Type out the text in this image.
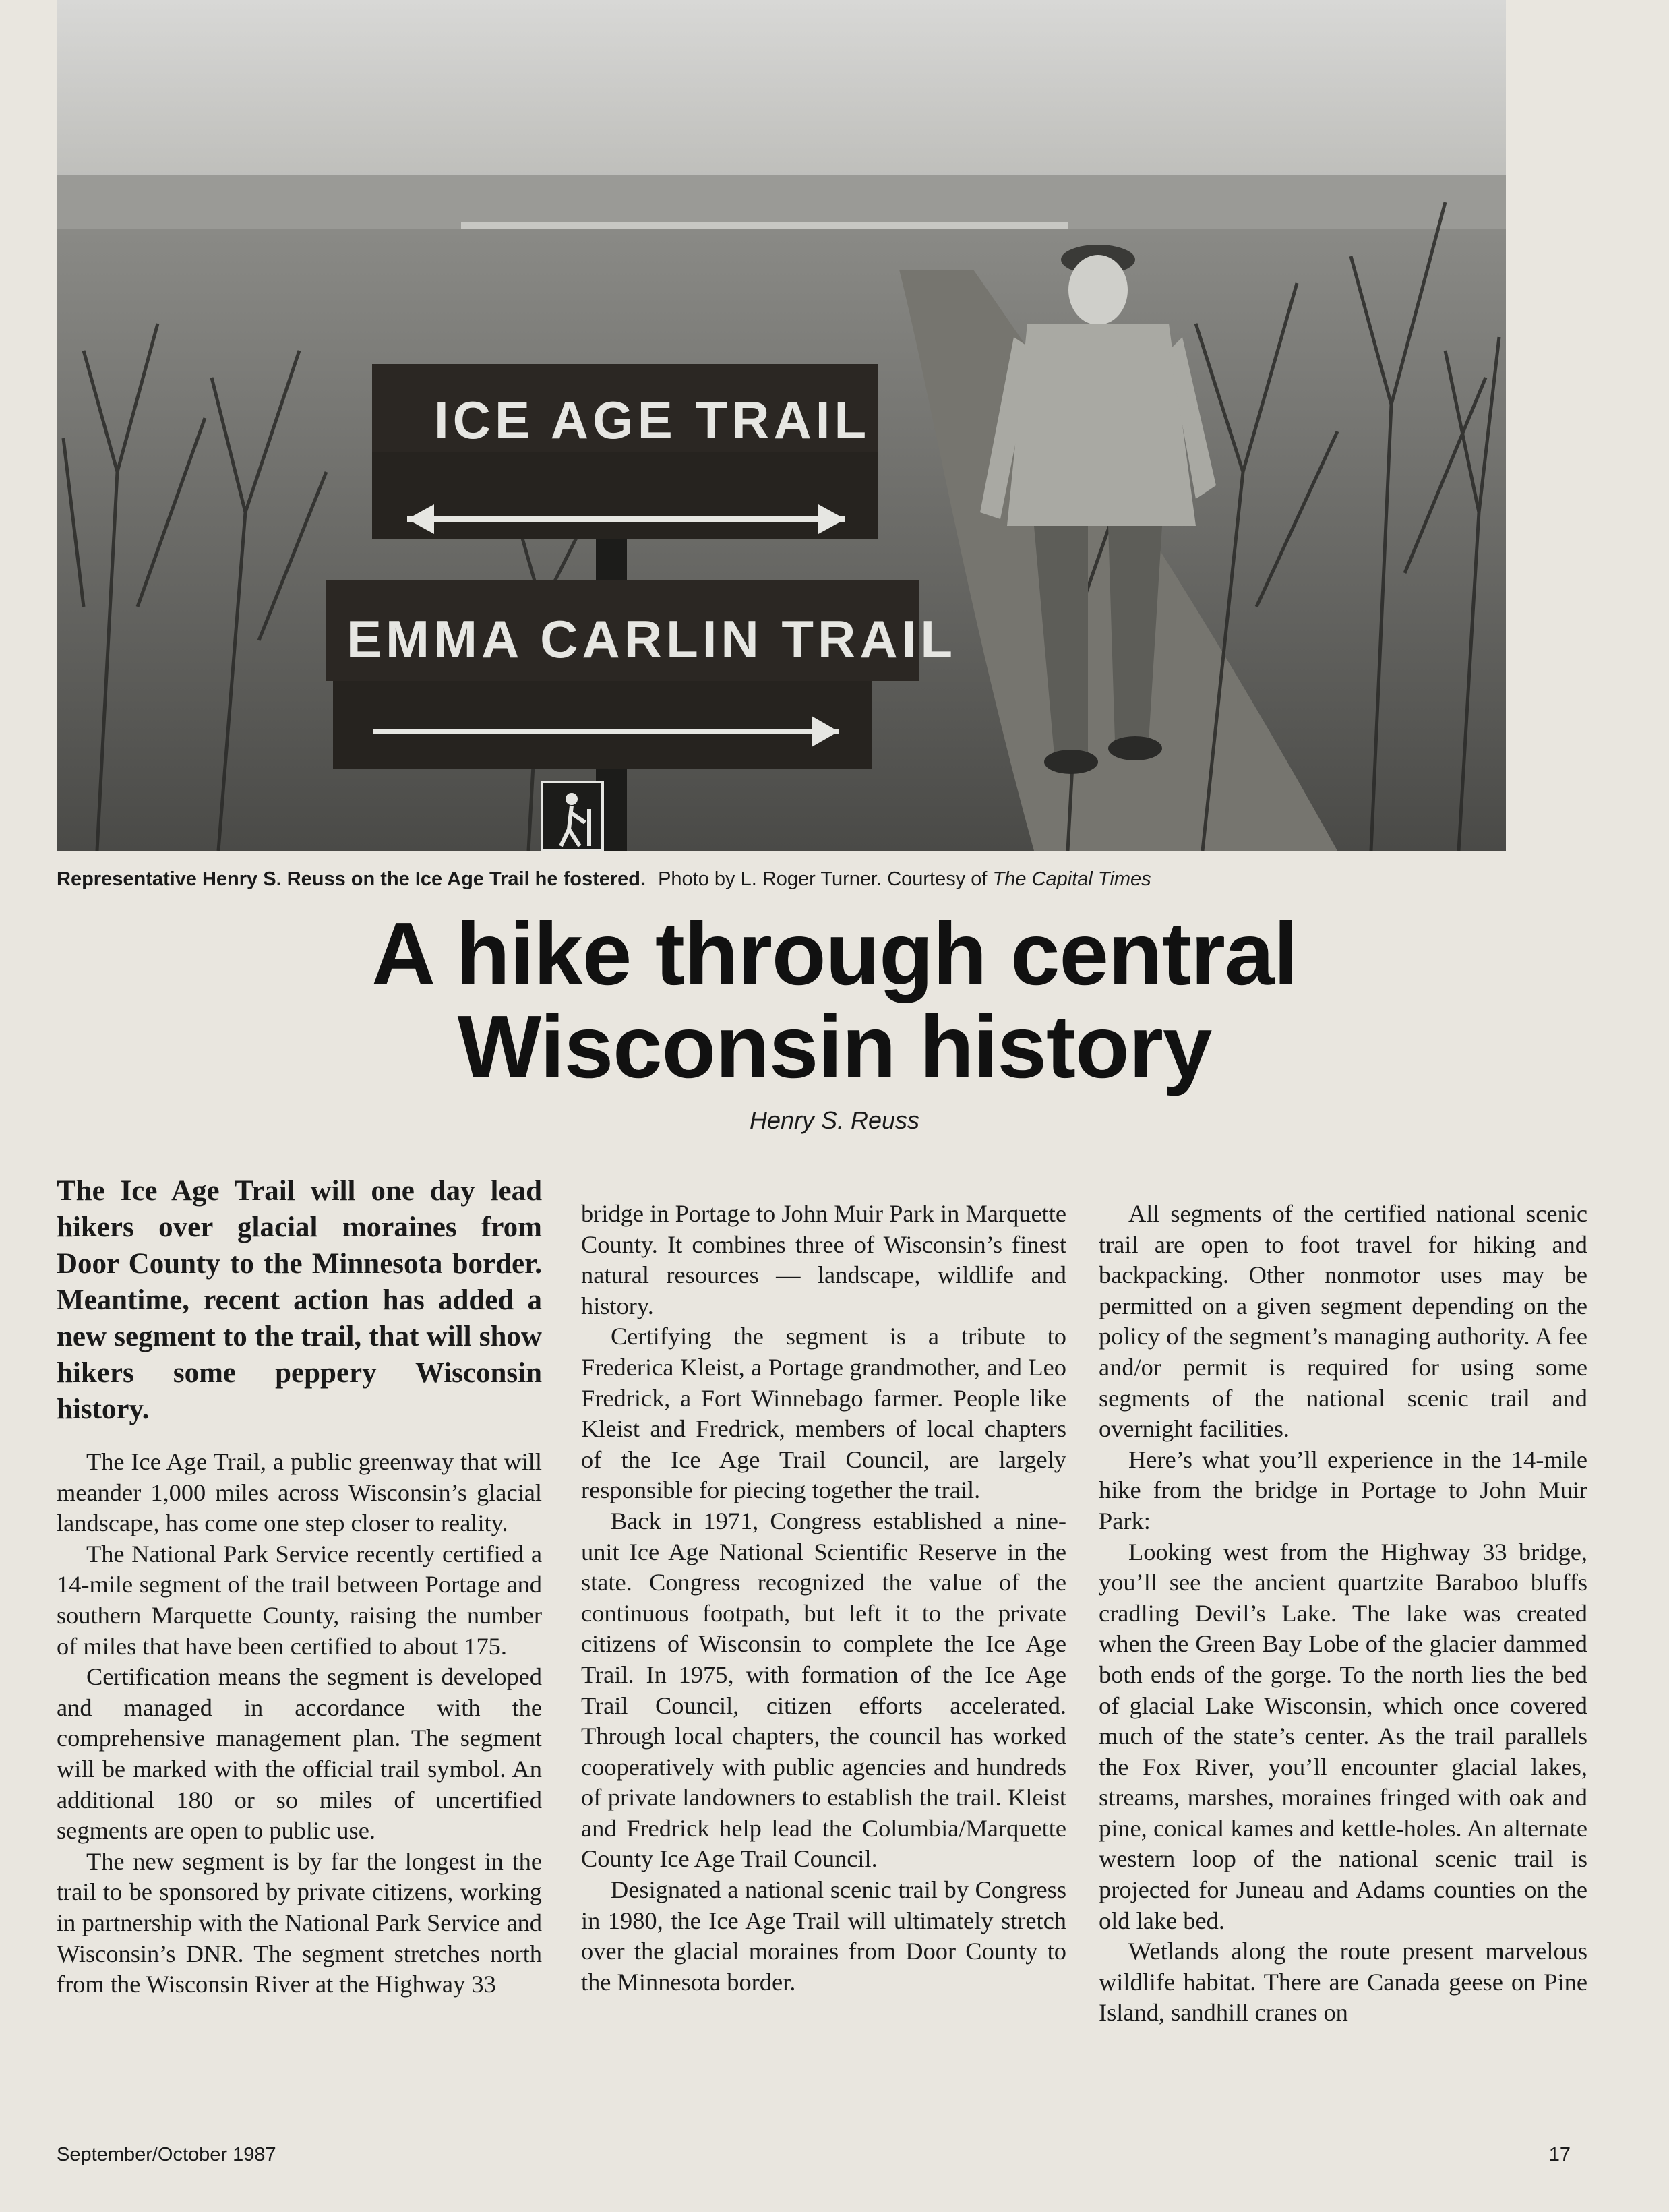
ICE AGE TRAIL
EMMA CARLIN TRAIL
Representative Henry S. Reuss on the Ice Age Trail he fostered. Photo by L. Roger Turner. Courtesy of The Capital Times
A hike through central
Wisconsin history
Henry S. Reuss

The Ice Age Trail will one day lead hikers over glacial moraines from Door County to the Minnesota border. Meantime, recent action has added a new segment to the trail, that will show hikers some peppery Wisconsin history.

The Ice Age Trail, a public greenway that will meander 1,000 miles across Wisconsin’s glacial landscape, has come one step closer to reality.

The National Park Service recently certified a 14-mile segment of the trail between Portage and southern Marquette County, raising the number of miles that have been certified to about 175.

Certification means the segment is developed and managed in accordance with the comprehensive management plan. The segment will be marked with the official trail symbol. An additional 180 or so miles of uncertified segments are open to public use.

The new segment is by far the longest in the trail to be sponsored by private citizens, working in partnership with the National Park Service and Wisconsin’s DNR. The segment stretches north from the Wisconsin River at the Highway 33

bridge in Portage to John Muir Park in Marquette County. It combines three of Wisconsin’s finest natural resources — landscape, wildlife and history.

Certifying the segment is a tribute to Frederica Kleist, a Portage grandmother, and Leo Fredrick, a Fort Winnebago farmer. People like Kleist and Fredrick, members of local chapters of the Ice Age Trail Council, are largely responsible for piecing together the trail.

Back in 1971, Congress established a nine-unit Ice Age National Scientific Reserve in the state. Congress recognized the value of the continuous footpath, but left it to the private citizens of Wisconsin to complete the Ice Age Trail. In 1975, with formation of the Ice Age Trail Council, citizen efforts accelerated. Through local chapters, the council has worked cooperatively with public agencies and hundreds of private landowners to establish the trail. Kleist and Fredrick help lead the Columbia/Marquette County Ice Age Trail Council.

Designated a national scenic trail by Congress in 1980, the Ice Age Trail will ultimately stretch over the glacial moraines from Door County to the Minnesota border.

All segments of the certified national scenic trail are open to foot travel for hiking and backpacking. Other nonmotor uses may be permitted on a given segment depending on the policy of the segment’s managing authority. A fee and/or permit is required for using some segments of the national scenic trail and overnight facilities.

Here’s what you’ll experience in the 14-mile hike from the bridge in Portage to John Muir Park:

Looking west from the Highway 33 bridge, you’ll see the ancient quartzite Baraboo bluffs cradling Devil’s Lake. The lake was created when the Green Bay Lobe of the glacier dammed both ends of the gorge. To the north lies the bed of glacial Lake Wisconsin, which once covered much of the state’s center. As the trail parallels the Fox River, you’ll encounter glacial lakes, streams, marshes, moraines fringed with oak and pine, conical kames and kettle-holes. An alternate western loop of the national scenic trail is projected for Juneau and Adams counties on the old lake bed.

Wetlands along the route present marvelous wildlife habitat. There are Canada geese on Pine Island, sandhill cranes on

September/October 1987	17
